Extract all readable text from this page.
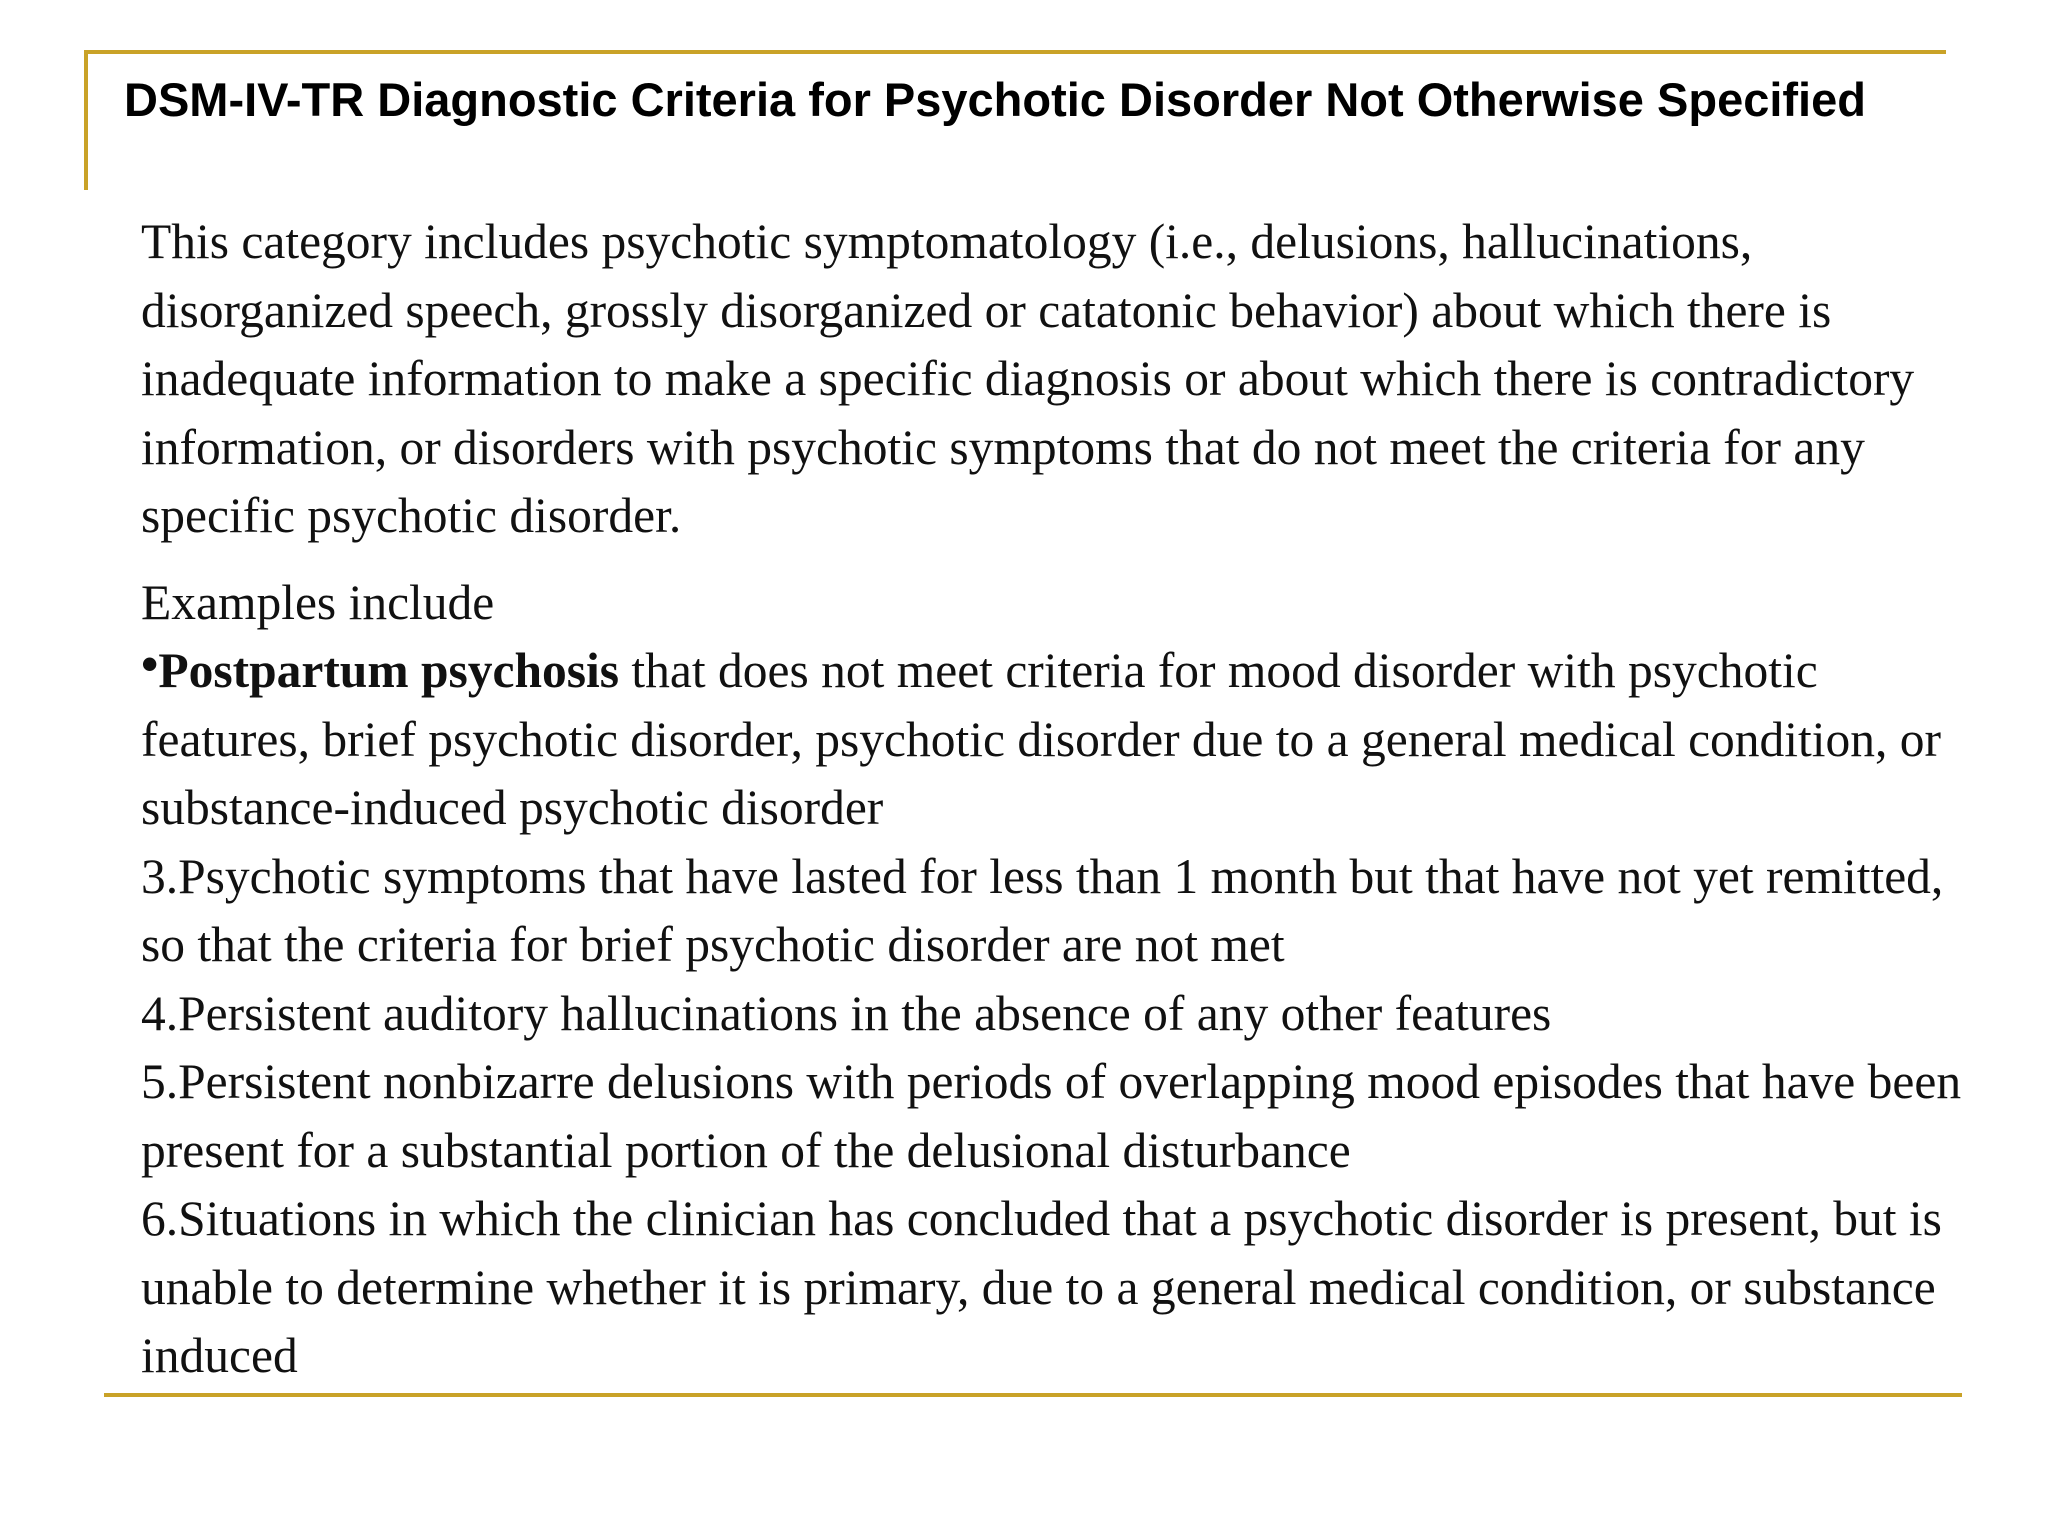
DSM-IV-TR Diagnostic Criteria for Psychotic Disorder Not Otherwise Specified

This category includes psychotic symptomatology (i.e., delusions, hallucinations, disorganized speech, grossly disorganized or catatonic behavior) about which there is inadequate information to make a specific diagnosis or about which there is contradictory information, or disorders with psychotic symptoms that do not meet the criteria for any specific psychotic disorder.

Examples include

•Postpartum psychosis that does not meet criteria for mood disorder with psychotic features, brief psychotic disorder, psychotic disorder due to a general medical condition, or substance-induced psychotic disorder

3.Psychotic symptoms that have lasted for less than 1 month but that have not yet remitted, so that the criteria for brief psychotic disorder are not met

4.Persistent auditory hallucinations in the absence of any other features

5.Persistent nonbizarre delusions with periods of overlapping mood episodes that have been present for a substantial portion of the delusional disturbance

6.Situations in which the clinician has concluded that a psychotic disorder is present, but is unable to determine whether it is primary, due to a general medical condition, or substance induced
